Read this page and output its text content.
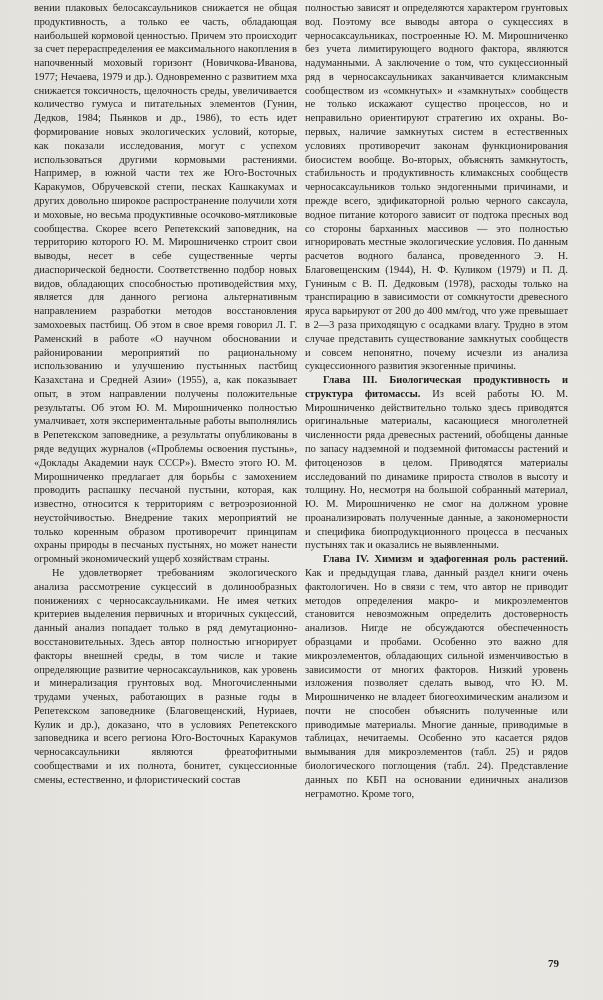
вении плаковых белосаксаульников снижается не общая продуктивность, а только ее часть, обладающая наибольшей кормовой ценностью. Причем это происходит за счет перераспределения ее максимального накопления в напочвенный моховый горизонт (Новичкова-Иванова, 1977; Нечаева, 1979 и др.). Одновременно с развитием мха снижается токсичность, щелочность среды, увеличивается количество гумуса и питательных элементов (Гунин, Дедков, 1984; Пьянков и др., 1986), то есть идет формирование новых экологических условий, которые, как показали исследования, могут с успехом использоваться другими кормовыми растениями. Например, в южной части тех же Юго-Восточных Каракумов, Обручевской степи, песках Кашкакумах и других довольно широкое распространение получили хотя и моховые, но весьма продуктивные осочково-мятликовые сообщества. Скорее всего Репетекский заповедник, на территорию которого Ю. М. Мирошниченко строит свои выводы, несет в себе существенные черты диаспорической бедности. Соответственно подбор новых видов, обладающих способностью противодействия мху, является для данного региона альтернативным направлением разработки методов восстановления замохоевых пастбищ. Об этом в свое время говорил Л. Г. Раменский в работе «О научном обосновании и районировании мероприятий по рациональному использованию и улучшению пустынных пастбищ Казахстана и Средней Азии» (1955), а, как показывает опыт, в этом направлении получены положительные результаты. Об этом Ю. М. Мирошниченко полностью умалчивает, хотя экспериментальные работы выполнялись в Репетекском заповеднике, а результаты опубликованы в ряде ведущих журналов («Проблемы освоения пустынь», «Доклады Академии наук СССР»). Вместо этого Ю. М. Мирошниченко предлагает для борьбы с замохением проводить распашку песчаной пустыни, которая, как известно, относится к территориям с ветроэрозионной неустойчивостью. Внедрение таких мероприятий не только коренным образом противоречит принципам охраны природы в песчаных пустынях, но может нанести огромный экономический ущерб хозяйствам страны.

Не удовлетворяет требованиям экологического анализа рассмотрение сукцессий в долинообразных понижениях с черносаксаульниками. Не имея четких критериев выделения первичных и вторичных сукцессий, данный анализ попадает только в ряд демутационно-восстановительных. Здесь автор полностью игнорирует факторы внешней среды, в том числе и такие определяющие развитие черносаксаульников, как уровень и минерализация грунтовых вод. Многочисленными трудами ученых, работающих в разные годы в Репетекском заповеднике (Благовещенский, Нуриаев, Кулик и др.), доказано, что в условиях Репетекского заповедника и всего региона Юго-Восточных Каракумов черносаксаульники являются фреатофитными сообществами и их полнота, бонитет, сукцессионные смены, естественно, и флористический состав

полностью зависят и определяются характером грунтовых вод. Поэтому все выводы автора о сукцессиях в черносаксаульниках, построенные Ю. М. Мирошниченко без учета лимитирующего водного фактора, являются надуманными. А заключение о том, что сукцессионный ряд в черносаксаульниках заканчивается климаксным сообществом из «сомкнутых» и «замкнутых» сообществ не только искажают существо процессов, но и неправильно ориентируют стратегию их охраны. Во-первых, наличие замкнутых систем в естественных условиях противоречит законам функционирования биосистем вообще. Во-вторых, объяснять замкнутость, стабильность и продуктивность климаксных сообществ черносаксаульников только эндогенными причинами, и прежде всего, эдификаторной ролью черного саксаула, водное питание которого зависит от подтока пресных вод со стороны барханных массивов — это полностью игнорировать местные экологические условия. По данным расчетов водного баланса, проведенного Э. Н. Благовещенским (1944), Н. Ф. Куликом (1979) и П. Д. Гуниным с В. П. Дедковым (1978), расходы только на транспирацию в зависимости от сомкнутости древесного яруса варьируют от 200 до 400 мм/год, что уже превышает в 2—3 раза приходящую с осадками влагу. Трудно в этом случае представить существование замкнутых сообществ и совсем непонятно, почему исчезли из анализа сукцессионного развития экзогенные причины.

Глава III. Биологическая продуктивность и структура фитомассы. Из всей работы Ю. М. Мирошниченко действительно только здесь приводятся оригинальные материалы, касающиеся многолетней численности ряда древесных растений, обобщены данные по запасу надземной и подземной фитомассы растений и фитоценозов в целом. Приводятся материалы исследований по динамике прироста стволов в высоту и толщину. Но, несмотря на большой собранный материал, Ю. М. Мирошниченко не смог на должном уровне проанализировать полученные данные, а закономерности и специфика биопродукционного процесса в песчаных пустынях так и оказались не выявленными.

Глава IV. Химизм и эдафогенная роль растений. Как и предыдущая глава, данный раздел книги очень фактологичен. Но в связи с тем, что автор не приводит методов определения макро- и микроэлементов становится невозможным определить достоверность анализов. Нигде не обсуждаются обеспеченность образцами и пробами. Особенно это важно для микроэлементов, обладающих сильной изменчивостью в зависимости от многих факторов. Низкий уровень изложения позволяет сделать вывод, что Ю. М. Мирошниченко не владеет биогеохимическим анализом и почти не способен объяснить полученные или приводимые материалы. Многие данные, приводимые в таблицах, нечитаемы. Особенно это касается рядов вымывания для микроэлементов (табл. 25) и рядов биологического поглощения (табл. 24). Представление данных по КБП на основании единичных анализов неграмотно. Кроме того,

79
